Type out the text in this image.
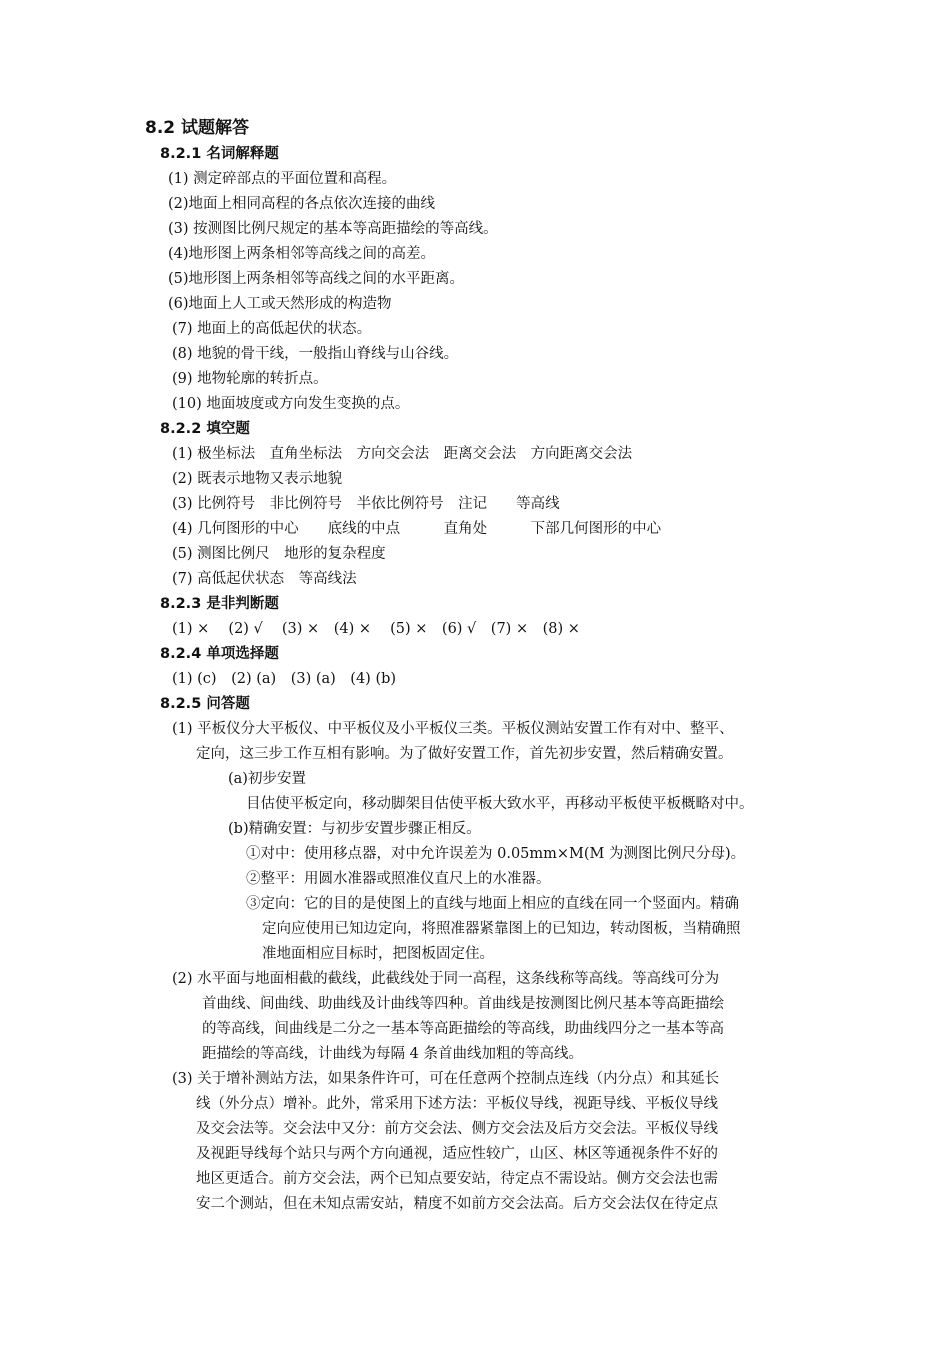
8.2 试题解答
8.2.1 名词解释题
(1) 测定碎部点的平面位置和高程。
(2)地面上相同高程的各点依次连接的曲线
(3) 按测图比例尺规定的基本等高距描绘的等高线。
(4)地形图上两条相邻等高线之间的高差。
(5)地形图上两条相邻等高线之间的水平距离。
(6)地面上人工或天然形成的构造物
(7) 地面上的高低起伏的状态。
(8) 地貌的骨干线，一般指山脊线与山谷线。
(9) 地物轮廓的转折点。
(10) 地面坡度或方向发生变换的点。
8.2.2 填空题
(1) 极坐标法　直角坐标法　方向交会法　距离交会法　方向距离交会法
(2) 既表示地物又表示地貌
(3) 比例符号　非比例符号　半依比例符号　注记　　等高线
(4) 几何图形的中心　　底线的中点　　　直角处　　　下部几何图形的中心
(5) 测图比例尺　地形的复杂程度
(7) 高低起伏状态　等高线法
8.2.3 是非判断题
(1) ×　 (2) √　 (3) ×　(4) ×　 (5) ×　(6) √　(7) ×　(8) ×
8.2.4 单项选择题
(1) (c)　(2) (a)　(3) (a)　(4) (b)
8.2.5 问答题
(1) 平板仪分大平板仪、中平板仪及小平板仪三类。平板仪测站安置工作有对中、整平、
定向，这三步工作互相有影响。为了做好安置工作，首先初步安置，然后精确安置。
(a)初步安置
目估使平板定向，移动脚架目估使平板大致水平，再移动平板使平板概略对中。
(b)精确安置：与初步安置步骤正相反。
①对中：使用移点器，对中允许误差为 0.05mm×M(M 为测图比例尺分母)。
②整平：用圆水准器或照准仪直尺上的水准器。
③定向：它的目的是使图上的直线与地面上相应的直线在同一个竖面内。精确
定向应使用已知边定向，将照准器紧靠图上的已知边，转动图板，当精确照
准地面相应目标时，把图板固定住。
(2) 水平面与地面相截的截线，此截线处于同一高程，这条线称等高线。等高线可分为
首曲线、间曲线、助曲线及计曲线等四种。首曲线是按测图比例尺基本等高距描绘
的等高线，间曲线是二分之一基本等高距描绘的等高线，助曲线四分之一基本等高
距描绘的等高线，计曲线为每隔 4 条首曲线加粗的等高线。
(3) 关于增补测站方法，如果条件许可，可在任意两个控制点连线（内分点）和其延长
线（外分点）增补。此外，常采用下述方法：平板仪导线，视距导线、平板仪导线
及交会法等。交会法中又分：前方交会法、侧方交会法及后方交会法。平板仪导线
及视距导线每个站只与两个方向通视，适应性较广，山区、林区等通视条件不好的
地区更适合。前方交会法，两个已知点要安站，待定点不需设站。侧方交会法也需
安二个测站，但在未知点需安站，精度不如前方交会法高。后方交会法仅在待定点
